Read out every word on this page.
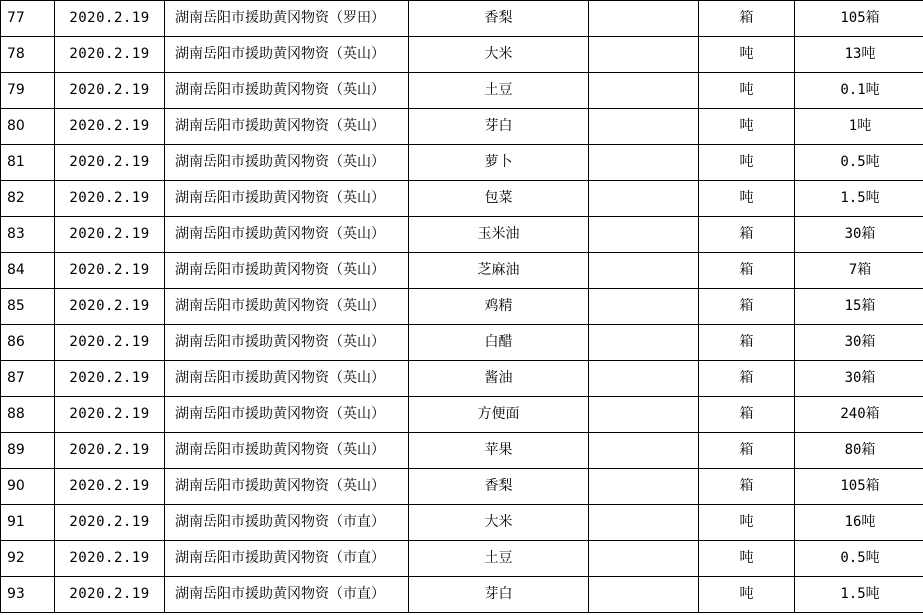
77	2020.2.19	湖南岳阳市援助黄冈物资（罗田）	香梨		箱	105箱
78	2020.2.19	湖南岳阳市援助黄冈物资（英山）	大米		吨	13吨
79	2020.2.19	湖南岳阳市援助黄冈物资（英山）	土豆		吨	0.1吨
80	2020.2.19	湖南岳阳市援助黄冈物资（英山）	芽白		吨	1吨
81	2020.2.19	湖南岳阳市援助黄冈物资（英山）	萝卜		吨	0.5吨
82	2020.2.19	湖南岳阳市援助黄冈物资（英山）	包菜		吨	1.5吨
83	2020.2.19	湖南岳阳市援助黄冈物资（英山）	玉米油		箱	30箱
84	2020.2.19	湖南岳阳市援助黄冈物资（英山）	芝麻油		箱	7箱
85	2020.2.19	湖南岳阳市援助黄冈物资（英山）	鸡精		箱	15箱
86	2020.2.19	湖南岳阳市援助黄冈物资（英山）	白醋		箱	30箱
87	2020.2.19	湖南岳阳市援助黄冈物资（英山）	酱油		箱	30箱
88	2020.2.19	湖南岳阳市援助黄冈物资（英山）	方便面		箱	240箱
89	2020.2.19	湖南岳阳市援助黄冈物资（英山）	苹果		箱	80箱
90	2020.2.19	湖南岳阳市援助黄冈物资（英山）	香梨		箱	105箱
91	2020.2.19	湖南岳阳市援助黄冈物资（市直）	大米		吨	16吨
92	2020.2.19	湖南岳阳市援助黄冈物资（市直）	土豆		吨	0.5吨
93	2020.2.19	湖南岳阳市援助黄冈物资（市直）	芽白		吨	1.5吨
